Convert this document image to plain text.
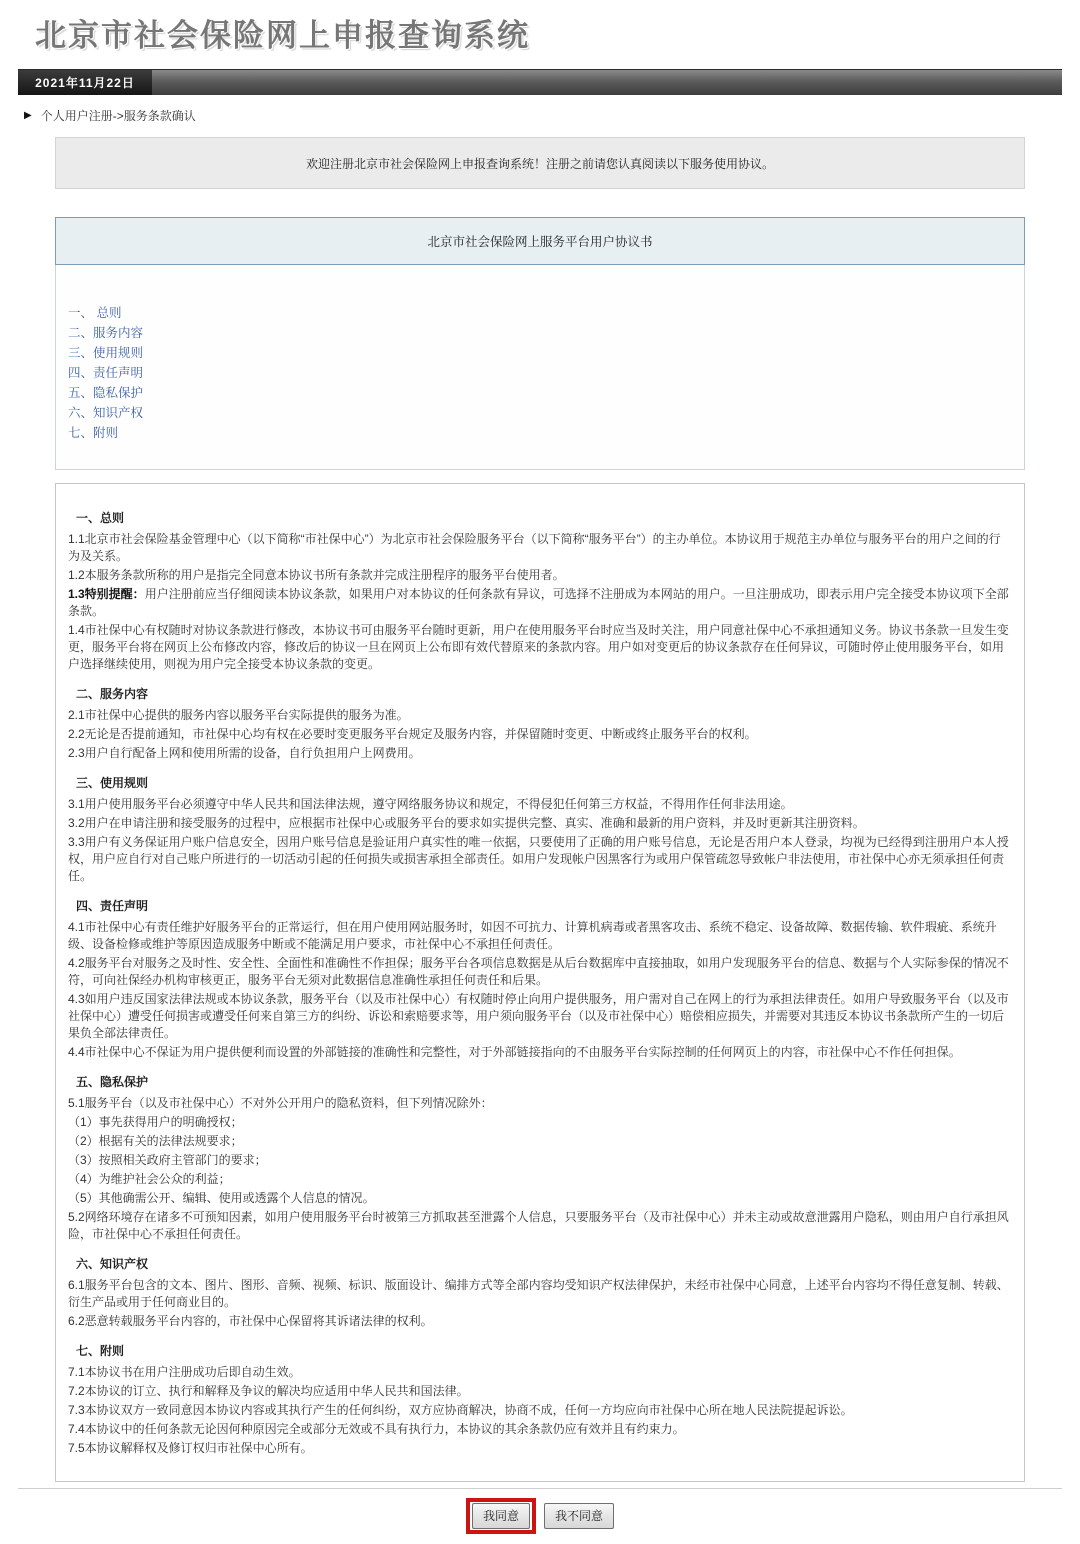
北京市社会保险网上申报查询系统
2021年11月22日
▶ 个人用户注册->服务条款确认
欢迎注册北京市社会保险网上申报查询系统！注册之前请您认真阅读以下服务使用协议。
北京市社会保险网上服务平台用户协议书
一、 总则
二、服务内容
三、使用规则
四、责任声明
五、隐私保护
六、知识产权
七、附则
一、总则

1.1北京市社会保险基金管理中心（以下简称“市社保中心”）为北京市社会保险服务平台（以下简称“服务平台”）的主办单位。本协议用于规范主办单位与服务平台的用户之间的行为及关系。

1.2本服务条款所称的用户是指完全同意本协议书所有条款并完成注册程序的服务平台使用者。

1.3特别提醒：用户注册前应当仔细阅读本协议条款，如果用户对本协议的任何条款有异议，可选择不注册成为本网站的用户。一旦注册成功，即表示用户完全接受本协议项下全部条款。

1.4市社保中心有权随时对协议条款进行修改，本协议书可由服务平台随时更新，用户在使用服务平台时应当及时关注，用户同意社保中心不承担通知义务。协议书条款一旦发生变更，服务平台将在网页上公布修改内容，修改后的协议一旦在网页上公布即有效代替原来的条款内容。用户如对变更后的协议条款存在任何异议，可随时停止使用服务平台，如用户选择继续使用，则视为用户完全接受本协议条款的变更。

二、服务内容

2.1市社保中心提供的服务内容以服务平台实际提供的服务为准。

2.2无论是否提前通知，市社保中心均有权在必要时变更服务平台规定及服务内容，并保留随时变更、中断或终止服务平台的权利。

2.3用户自行配备上网和使用所需的设备，自行负担用户上网费用。

三、使用规则

3.1用户使用服务平台必须遵守中华人民共和国法律法规，遵守网络服务协议和规定，不得侵犯任何第三方权益，不得用作任何非法用途。

3.2用户在申请注册和接受服务的过程中，应根据市社保中心或服务平台的要求如实提供完整、真实、准确和最新的用户资料，并及时更新其注册资料。

3.3用户有义务保证用户账户信息安全，因用户账号信息是验证用户真实性的唯一依据，只要使用了正确的用户账号信息，无论是否用户本人登录，均视为已经得到注册用户本人授权，用户应自行对自己账户所进行的一切活动引起的任何损失或损害承担全部责任。如用户发现帐户因黑客行为或用户保管疏忽导致帐户非法使用，市社保中心亦无须承担任何责任。

四、责任声明

4.1市社保中心有责任维护好服务平台的正常运行，但在用户使用网站服务时，如因不可抗力、计算机病毒或者黑客攻击、系统不稳定、设备故障、数据传输、软件瑕疵、系统升级、设备检修或维护等原因造成服务中断或不能满足用户要求，市社保中心不承担任何责任。

4.2服务平台对服务之及时性、安全性、全面性和准确性不作担保；服务平台各项信息数据是从后台数据库中直接抽取，如用户发现服务平台的信息、数据与个人实际参保的情况不符，可向社保经办机构审核更正，服务平台无须对此数据信息准确性承担任何责任和后果。

4.3如用户违反国家法律法规或本协议条款，服务平台（以及市社保中心）有权随时停止向用户提供服务，用户需对自己在网上的行为承担法律责任。如用户导致服务平台（以及市社保中心）遭受任何损害或遭受任何来自第三方的纠纷、诉讼和索赔要求等，用户须向服务平台（以及市社保中心）赔偿相应损失，并需要对其违反本协议书条款所产生的一切后果负全部法律责任。

4.4市社保中心不保证为用户提供便利而设置的外部链接的准确性和完整性，对于外部链接指向的不由服务平台实际控制的任何网页上的内容，市社保中心不作任何担保。

五、隐私保护

5.1服务平台（以及市社保中心）不对外公开用户的隐私资料，但下列情况除外：

（1）事先获得用户的明确授权；

（2）根据有关的法律法规要求；

（3）按照相关政府主管部门的要求；

（4）为维护社会公众的利益；

（5）其他确需公开、编辑、使用或透露个人信息的情况。

5.2网络环境存在诸多不可预知因素，如用户使用服务平台时被第三方抓取甚至泄露个人信息，只要服务平台（及市社保中心）并未主动或故意泄露用户隐私，则由用户自行承担风险，市社保中心不承担任何责任。

六、知识产权

6.1服务平台包含的文本、图片、图形、音频、视频、标识、版面设计、编排方式等全部内容均受知识产权法律保护，未经市社保中心同意，上述平台内容均不得任意复制、转载、衍生产品或用于任何商业目的。

6.2恶意转载服务平台内容的，市社保中心保留将其诉诸法律的权利。

七、附则

7.1本协议书在用户注册成功后即自动生效。

7.2本协议的订立、执行和解释及争议的解决均应适用中华人民共和国法律。

7.3本协议双方一致同意因本协议内容或其执行产生的任何纠纷，双方应协商解决，协商不成，任何一方均应向市社保中心所在地人民法院提起诉讼。

7.4本协议中的任何条款无论因何种原因完全或部分无效或不具有执行力，本协议的其余条款仍应有效并且有约束力。

7.5本协议解释权及修订权归市社保中心所有。

我同意	我不同意
